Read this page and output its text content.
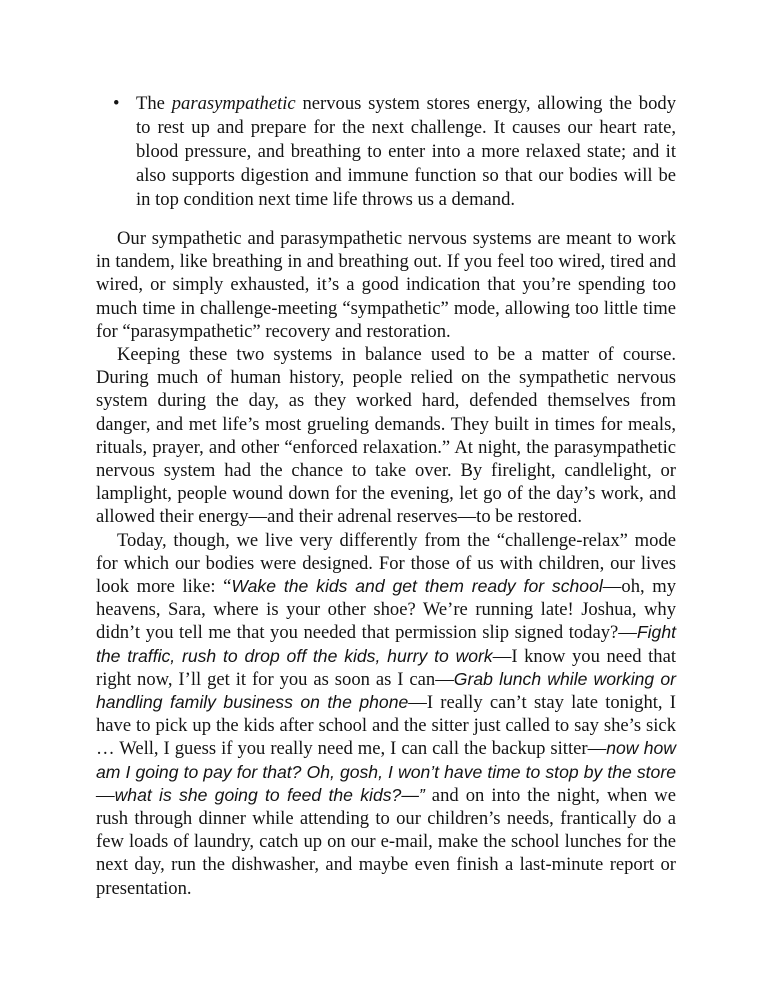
• The parasympathetic nervous system stores energy, allowing the body to rest up and prepare for the next challenge. It causes our heart rate, blood pressure, and breathing to enter into a more relaxed state; and it also supports digestion and immune function so that our bodies will be in top condition next time life throws us a demand.

Our sympathetic and parasympathetic nervous systems are meant to work in tandem, like breathing in and breathing out. If you feel too wired, tired and wired, or simply exhausted, it’s a good indication that you’re spending too much time in challenge-meeting “sympathetic” mode, allowing too little time for “parasympathetic” recovery and restoration.

Keeping these two systems in balance used to be a matter of course. During much of human history, people relied on the sympathetic nervous system during the day, as they worked hard, defended themselves from danger, and met life’s most grueling demands. They built in times for meals, rituals, prayer, and other “enforced relaxation.” At night, the parasympathetic nervous system had the chance to take over. By firelight, candlelight, or lamplight, people wound down for the evening, let go of the day’s work, and allowed their energy—and their adrenal reserves—to be restored.

Today, though, we live very differently from the “challenge-relax” mode for which our bodies were designed. For those of us with children, our lives look more like: “Wake the kids and get them ready for school—oh, my heavens, Sara, where is your other shoe? We’re running late! Joshua, why didn’t you tell me that you needed that permission slip signed today?—Fight the traffic, rush to drop off the kids, hurry to work—I know you need that right now, I’ll get it for you as soon as I can—Grab lunch while working or handling family business on the phone—I really can’t stay late tonight, I have to pick up the kids after school and the sitter just called to say she’s sick … Well, I guess if you really need me, I can call the backup sitter—now how am I going to pay for that? Oh, gosh, I won’t have time to stop by the store—what is she going to feed the kids?—” and on into the night, when we rush through dinner while attending to our children’s needs, frantically do a few loads of laundry, catch up on our e-mail, make the school lunches for the next day, run the dishwasher, and maybe even finish a last-minute report or presentation.
